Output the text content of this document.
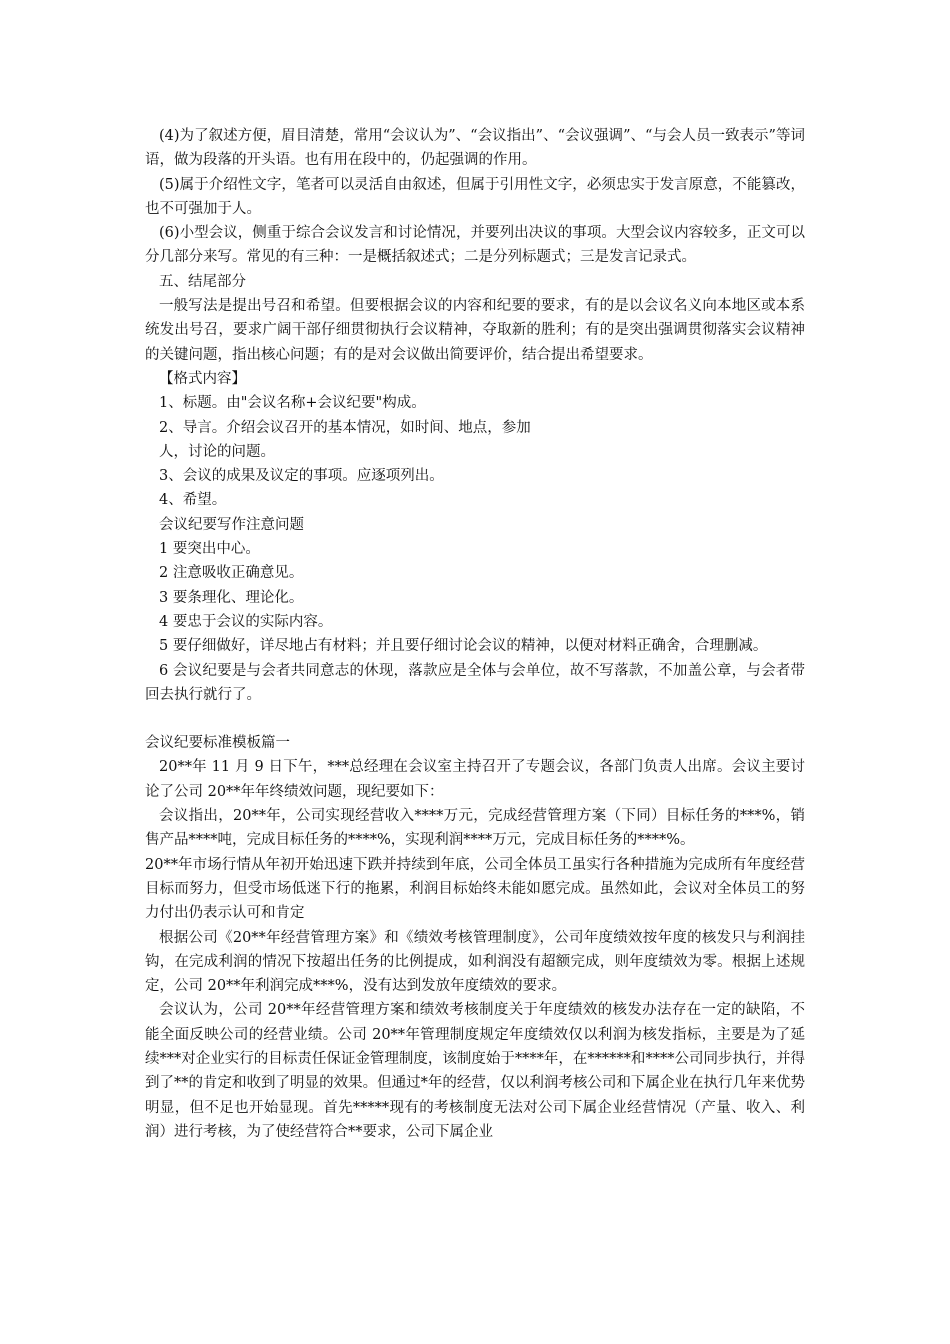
(4)为了叙述方便，眉目清楚，常用“会议认为”、“会议指出”、“会议强调”、“与会人员一致表示”等词语，做为段落的开头语。也有用在段中的，仍起强调的作用。

(5)属于介绍性文字，笔者可以灵活自由叙述，但属于引用性文字，必须忠实于发言原意，不能篡改，也不可强加于人。

(6)小型会议，侧重于综合会议发言和讨论情况，并要列出决议的事项。大型会议内容较多，正文可以分几部分来写。常见的有三种：一是概括叙述式；二是分列标题式；三是发言记录式。

五、结尾部分

一般写法是提出号召和希望。但要根据会议的内容和纪要的要求，有的是以会议名义向本地区或本系统发出号召，要求广阔干部仔细贯彻执行会议精神，夺取新的胜利；有的是突出强调贯彻落实会议精神的关键问题，指出核心问题；有的是对会议做出简要评价，结合提出希望要求。

【格式内容】

1、标题。由"会议名称+会议纪要"构成。

2、导言。介绍会议召开的基本情况，如时间、地点，参加

人，讨论的问题。

3、会议的成果及议定的事项。应逐项列出。

4、希望。

会议纪要写作注意问题

1 要突出中心。

2 注意吸收正确意见。

3 要条理化、理论化。

4 要忠于会议的实际内容。

5 要仔细做好，详尽地占有材料；并且要仔细讨论会议的精神，以便对材料正确舍，合理删减。

6 会议纪要是与会者共同意志的休现，落款应是全体与会单位，故不写落款，不加盖公章，与会者带回去执行就行了。

会议纪要标准模板篇一

20**年 11 月 9 日下午，***总经理在会议室主持召开了专题会议，各部门负责人出席。会议主要讨论了公司 20**年年终绩效问题，现纪要如下：

会议指出，20**年，公司实现经营收入****万元，完成经营管理方案（下同）目标任务的***%，销售产品****吨，完成目标任务的****%，实现利润****万元，完成目标任务的****%。

20**年市场行情从年初开始迅速下跌并持续到年底，公司全体员工虽实行各种措施为完成所有年度经营目标而努力，但受市场低迷下行的拖累，利润目标始终未能如愿完成。虽然如此，会议对全体员工的努力付出仍表示认可和肯定

根据公司《20**年经营管理方案》和《绩效考核管理制度》，公司年度绩效按年度的核发只与利润挂钩，在完成利润的情况下按超出任务的比例提成，如利润没有超额完成，则年度绩效为零。根据上述规定，公司 20**年利润完成***%，没有达到发放年度绩效的要求。

会议认为，公司 20**年经营管理方案和绩效考核制度关于年度绩效的核发办法存在一定的缺陷，不能全面反映公司的经营业绩。公司 20**年管理制度规定年度绩效仅以利润为核发指标，主要是为了延续***对企业实行的目标责任保证金管理制度，该制度始于****年，在******和****公司同步执行，并得到了**的肯定和收到了明显的效果。但通过*年的经营，仅以利润考核公司和下属企业在执行几年来优势明显，但不足也开始显现。首先*****现有的考核制度无法对公司下属企业经营情况（产量、收入、利润）进行考核，为了使经营符合**要求，公司下属企业
